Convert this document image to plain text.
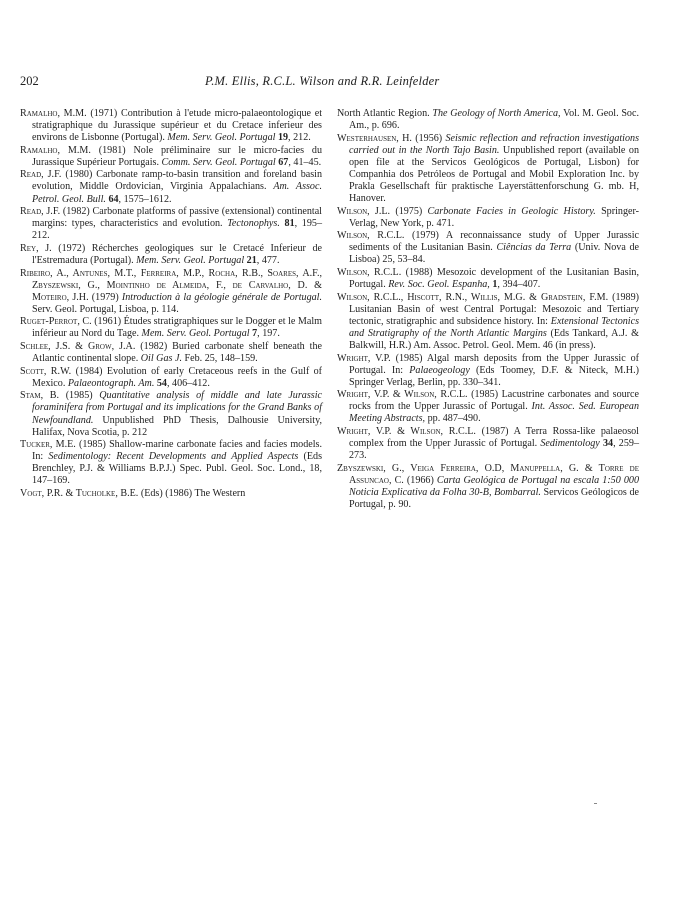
202	P.M. Ellis, R.C.L. Wilson and R.R. Leinfelder

Ramalho, M.M. (1971) Contribution à l'etude micro-palaeontologique et stratigraphique du Jurassique supérieur et du Cretace inferieur des environs de Lisbonne (Portugal). Mem. Serv. Geol. Portugal 19, 212.

Ramalho, M.M. (1981) Nole préliminaire sur le micro-facies du Jurassique Supérieur Portugais. Comm. Serv. Geol. Portugal 67, 41–45.

Read, J.F. (1980) Carbonate ramp-to-basin transition and foreland basin evolution, Middle Ordovician, Virginia Appalachians. Am. Assoc. Petrol. Geol. Bull. 64, 1575–1612.

Read, J.F. (1982) Carbonate platforms of passive (extensional) continental margins: types, characteristics and evolution. Tectonophys. 81, 195–212.

Rey, J. (1972) Récherches geologiques sur le Cretacé Inferieur de l'Estremadura (Portugal). Mem. Serv. Geol. Portugal 21, 477.

Ribeiro, A., Antunes, M.T., Ferreira, M.P., Rocha, R.B., Soares, A.F., Zbyszewski, G., Mointinho de Almeida, F., de Carvalho, D. & Moteiro, J.H. (1979) Introduction à la géologie générale de Portugal. Serv. Geol. Portugal, Lisboa, p. 114.

Ruget-Perrot, C. (1961) Études stratigraphiques sur le Dogger et le Malm inférieur au Nord du Tage. Mem. Serv. Geol. Portugal 7, 197.

Schlee, J.S. & Grow, J.A. (1982) Buried carbonate shelf beneath the Atlantic continental slope. Oil Gas J. Feb. 25, 148–159.

Scott, R.W. (1984) Evolution of early Cretaceous reefs in the Gulf of Mexico. Palaeontograph. Am. 54, 406–412.

Stam, B. (1985) Quantitative analysis of middle and late Jurassic foraminifera from Portugal and its implications for the Grand Banks of Newfoundland. Unpublished PhD Thesis, Dalhousie University, Halifax, Nova Scotia, p. 212

Tucker, M.E. (1985) Shallow-marine carbonate facies and facies models. In: Sedimentology: Recent Developments and Applied Aspects (Eds Brenchley, P.J. & Williams B.P.J.) Spec. Publ. Geol. Soc. Lond., 18, 147–169.

Vogt, P.R. & Tucholke, B.E. (Eds) (1986) The Western

North Atlantic Region. The Geology of North America, Vol. M. Geol. Soc. Am., p. 696.

Westerhausen, H. (1956) Seismic reflection and refraction investigations carried out in the North Tajo Basin. Unpublished report (available on open file at the Servicos Geológicos de Portugal, Lisbon) for Companhia dos Petróleos de Portugal and Mobil Exploration Inc. by Prakla Gesellschaft für praktische Layerstättenforschung G. mb. H, Hanover.

Wilson, J.L. (1975) Carbonate Facies in Geologic History. Springer-Verlag, New York, p. 471.

Wilson, R.C.L. (1979) A reconnaissance study of Upper Jurassic sediments of the Lusitanian Basin. Ciências da Terra (Univ. Nova de Lisboa) 25, 53–84.

Wilson, R.C.L. (1988) Mesozoic development of the Lusitanian Basin, Portugal. Rev. Soc. Geol. Espanha, 1, 394–407.

Wilson, R.C.L., Hiscott, R.N., Willis, M.G. & Gradstein, F.M. (1989) Lusitanian Basin of west Central Portugal: Mesozoic and Tertiary tectonic, stratigraphic and subsidence history. In: Extensional Tectonics and Stratigraphy of the North Atlantic Margins (Eds Tankard, A.J. & Balkwill, H.R.) Am. Assoc. Petrol. Geol. Mem. 46 (in press).

Wright, V.P. (1985) Algal marsh deposits from the Upper Jurassic of Portugal. In: Palaeogeology (Eds Toomey, D.F. & Niteck, M.H.) Springer Verlag, Berlin, pp. 330–341.

Wright, V.P. & Wilson, R.C.L. (1985) Lacustrine carbonates and source rocks from the Upper Jurassic of Portugal. Int. Assoc. Sed. European Meeting Abstracts, pp. 487–490.

Wright, V.P. & Wilson, R.C.L. (1987) A Terra Rossa-like palaeosol complex from the Upper Jurassic of Portugal. Sedimentology 34, 259–273.

Zbyszewski, G., Veiga Ferreira, O.D, Manuppella, G. & Torre de Assuncao, C. (1966) Carta Geológica de Portugal na escala 1:50 000 Noticia Explicativa da Folha 30-B, Bombarral. Servicos Geólogicos de Portugal, p. 90.
